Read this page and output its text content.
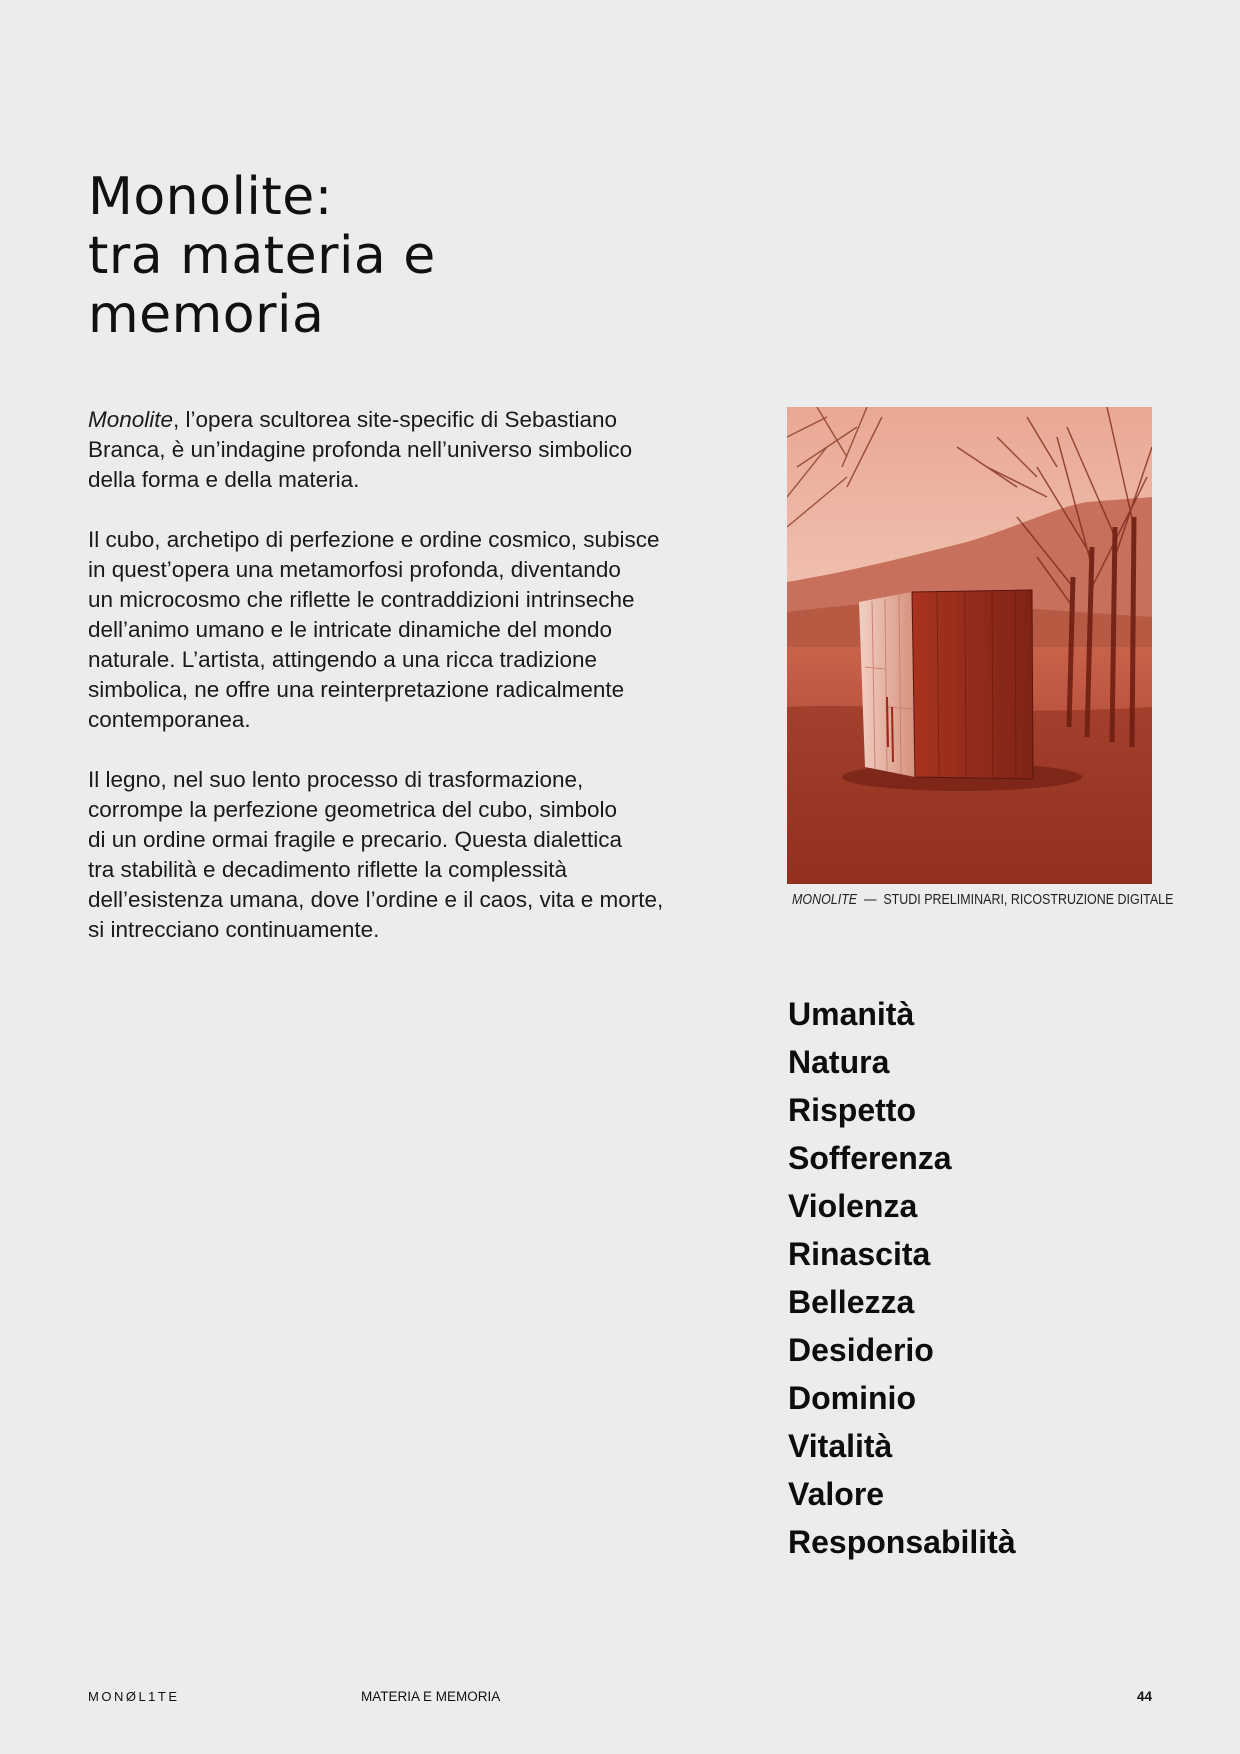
Monolite:
tra materia e
memoria

Monolite, l’opera scultorea site-specific di Sebastiano
Branca, è un’indagine profonda nell’universo simbolico
della forma e della materia.

Il cubo, archetipo di perfezione e ordine cosmico, subisce
in quest’opera una metamorfosi profonda, diventando
un microcosmo che riflette le contraddizioni intrinseche
dell’animo umano e le intricate dinamiche del mondo
naturale. L’artista, attingendo a una ricca tradizione
simbolica, ne offre una reinterpretazione radicalmente
contemporanea.

Il legno, nel suo lento processo di trasformazione,
corrompe la perfezione geometrica del cubo, simbolo
di un ordine ormai fragile e precario. Questa dialettica
tra stabilità e decadimento riflette la complessità
dell’esistenza umana, dove l’ordine e il caos, vita e morte,
si intrecciano continuamente.

MONOLITE — STUDI PRELIMINARI, RICOSTRUZIONE DIGITALE
Umanità
Natura
Rispetto
Sofferenza
Violenza
Rinascita
Bellezza
Desiderio
Dominio
Vitalità
Valore
Responsabilità
MONØL1TE	MATERIA E MEMORIA	44
